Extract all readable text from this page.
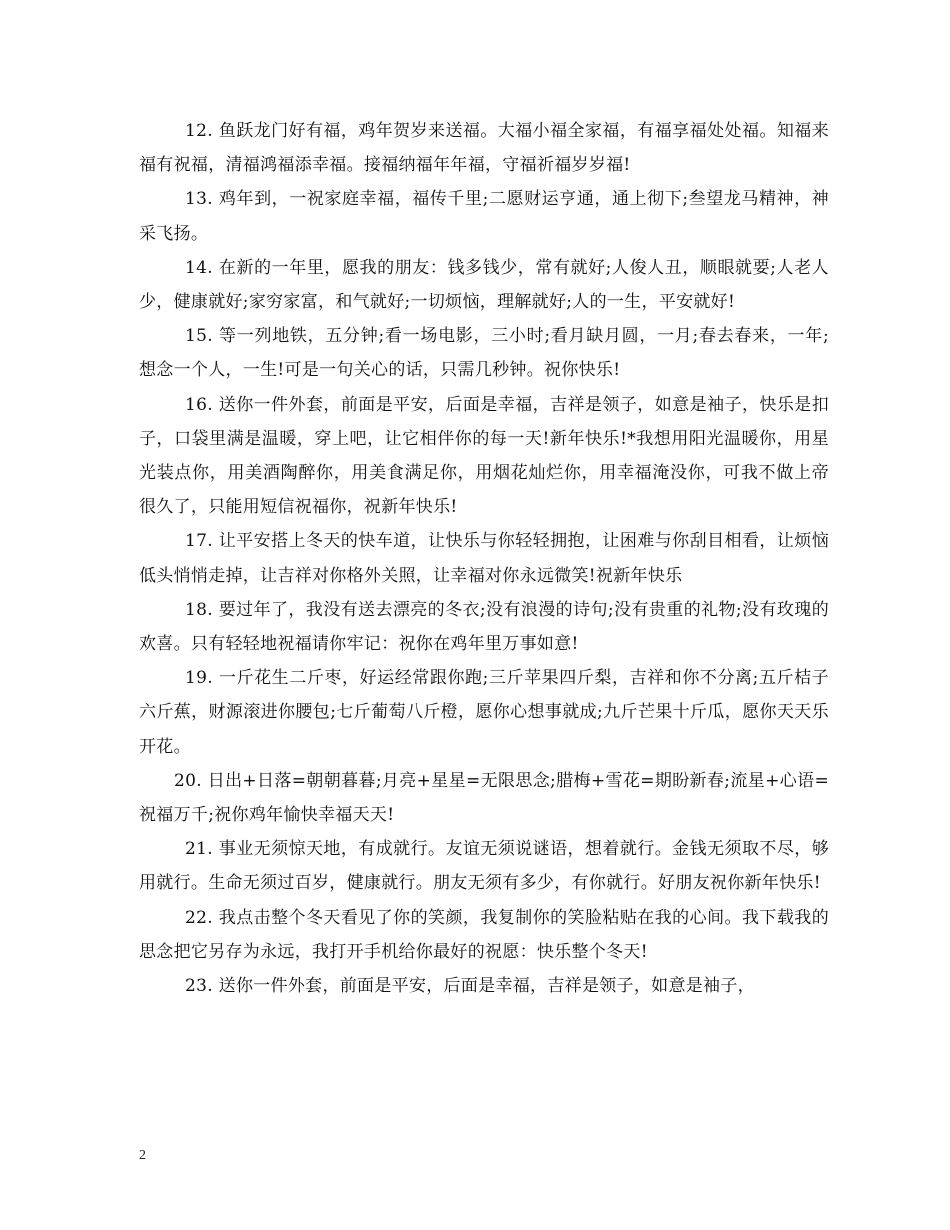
12. 鱼跃龙门好有福，鸡年贺岁来送福。大福小福全家福，有福享福处处福。知福来福有祝福，清福鸿福添幸福。接福纳福年年福，守福祈福岁岁福!

13. 鸡年到，一祝家庭幸福，福传千里;二愿财运亨通，通上彻下;叁望龙马精神，神采飞扬。

14. 在新的一年里，愿我的朋友：钱多钱少，常有就好;人俊人丑，顺眼就要;人老人少，健康就好;家穷家富，和气就好;一切烦恼，理解就好;人的一生，平安就好!

15. 等一列地铁，五分钟;看一场电影，三小时;看月缺月圆，一月;春去春来，一年;想念一个人，一生!可是一句关心的话，只需几秒钟。祝你快乐!

16. 送你一件外套，前面是平安，后面是幸福，吉祥是领子，如意是袖子，快乐是扣子，口袋里满是温暖，穿上吧，让它相伴你的每一天!新年快乐!*我想用阳光温暖你，用星光装点你，用美酒陶醉你，用美食满足你，用烟花灿烂你，用幸福淹没你，可我不做上帝很久了，只能用短信祝福你，祝新年快乐!

17. 让平安搭上冬天的快车道，让快乐与你轻轻拥抱，让困难与你刮目相看，让烦恼低头悄悄走掉，让吉祥对你格外关照，让幸福对你永远微笑!祝新年快乐

18. 要过年了，我没有送去漂亮的冬衣;没有浪漫的诗句;没有贵重的礼物;没有玫瑰的欢喜。只有轻轻地祝福请你牢记：祝你在鸡年里万事如意!

19. 一斤花生二斤枣，好运经常跟你跑;三斤苹果四斤梨，吉祥和你不分离;五斤桔子六斤蕉，财源滚进你腰包;七斤葡萄八斤橙，愿你心想事就成;九斤芒果十斤瓜，愿你天天乐开花。

20. 日出+日落=朝朝暮暮;月亮+星星=无限思念;腊梅+雪花=期盼新春;流星+心语=祝福万千;祝你鸡年愉快幸福天天!

21. 事业无须惊天地，有成就行。友谊无须说谜语，想着就行。金钱无须取不尽，够用就行。生命无须过百岁，健康就行。朋友无须有多少，有你就行。好朋友祝你新年快乐!

22. 我点击整个冬天看见了你的笑颜，我复制你的笑脸粘贴在我的心间。我下载我的思念把它另存为永远，我打开手机给你最好的祝愿：快乐整个冬天!

23. 送你一件外套，前面是平安，后面是幸福，吉祥是领子，如意是袖子，

2
